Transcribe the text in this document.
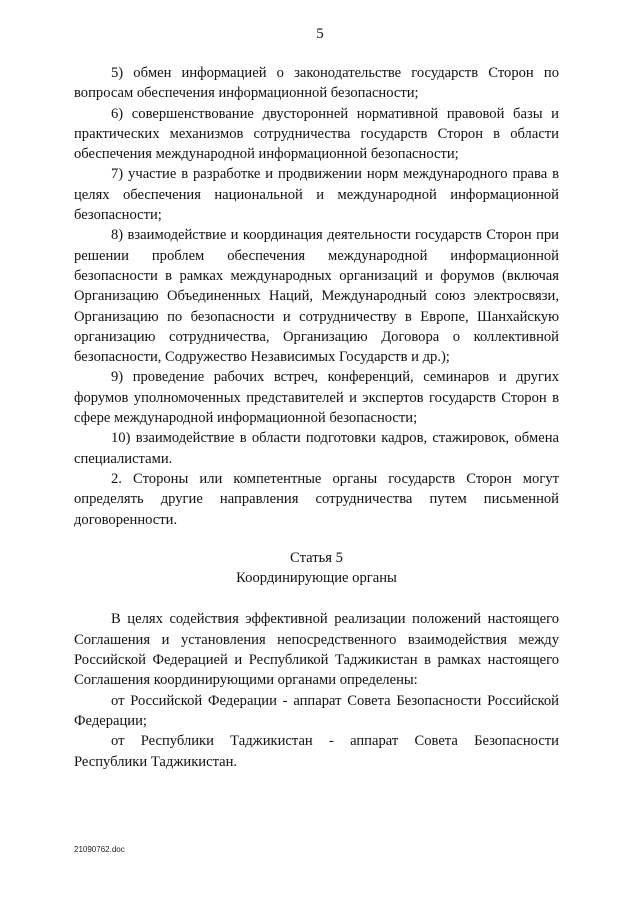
5

5) обмен информацией о законодательстве государств Сторон по вопросам обеспечения информационной безопасности;

6) совершенствование двусторонней нормативной правовой базы и практических механизмов сотрудничества государств Сторон в области обеспечения международной информационной безопасности;

7) участие в разработке и продвижении норм международного права в целях обеспечения национальной и международной информационной безопасности;

8) взаимодействие и координация деятельности государств Сторон при решении проблем обеспечения международной информационной безопасности в рамках международных организаций и форумов (включая Организацию Объединенных Наций, Международный союз электросвязи, Организацию по безопасности и сотрудничеству в Европе, Шанхайскую организацию сотрудничества, Организацию Договора о коллективной безопасности, Содружество Независимых Государств и др.);

9) проведение рабочих встреч, конференций, семинаров и других форумов уполномоченных представителей и экспертов государств Сторон в сфере международной информационной безопасности;

10) взаимодействие в области подготовки кадров, стажировок, обмена специалистами.

2. Стороны или компетентные органы государств Сторон могут определять другие направления сотрудничества путем письменной договоренности.

Статья 5
Координирующие органы

В целях содействия эффективной реализации положений настоящего Соглашения и установления непосредственного взаимодействия между Российской Федерацией и Республикой Таджикистан в рамках настоящего Соглашения координирующими органами определены:

от Российской Федерации - аппарат Совета Безопасности Российской Федерации;

от Республики Таджикистан - аппарат Совета Безопасности Республики Таджикистан.

21090762.doc
